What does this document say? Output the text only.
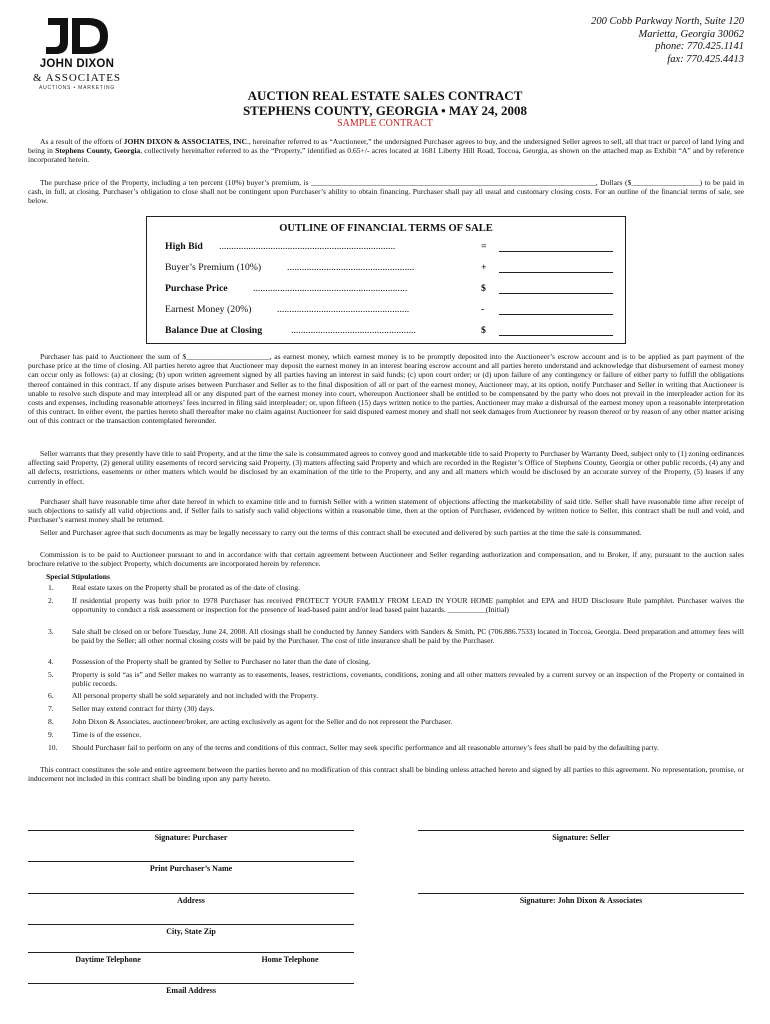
JOHN DIXON
& ASSOCIATES
AUCTIONS • MARKETING
200 Cobb Parkway North, Suite 120
Marietta, Georgia 30062
phone: 770.425.1141
fax: 770.425.4413
AUCTION REAL ESTATE SALES CONTRACT
STEPHENS COUNTY, GEORGIA • MAY 24, 2008
SAMPLE CONTRACT

As a result of the efforts of JOHN DIXON & ASSOCIATES, INC., hereinafter referred to as “Auctioneer,” the undersigned Purchaser agrees to buy, and the undersigned Seller agrees to sell, all that tract or parcel of land lying and being in Stephens County, Georgia, collectively hereinafter referred to as the “Property,” identified as 0.65+/- acres located at 1681 Liberty Hill Road, Toccoa, Georgia, as shown on the attached map as Exhibit “A” and by reference incorporated herein.

The purchase price of the Property, including a ten percent (10%) buyer’s premium, is ___________________________________________________________________________, Dollars ($__________________) to be paid in cash, in full, at closing. Purchaser’s obligation to close shall not be contingent upon Purchaser’s ability to obtain financing. Purchaser shall pay all usual and customary closing costs. For an outline of the financial terms of sale, see below.

OUTLINE OF FINANCIAL TERMS OF SALE
High Bid ........................................................................	=
Buyer’s Premium (10%)	....................................................	+
Purchase Price	...............................................................	$
Earnest Money (20%)	......................................................	-
Balance Due at Closing	...................................................	$

Purchaser has paid to Auctioneer the sum of $______________________, as earnest money, which earnest money is to be promptly deposited into the Auctioneer’s escrow account and is to be applied as part payment of the purchase price at the time of closing. All parties hereto agree that Auctioneer may deposit the earnest money in an interest bearing escrow account and all parties hereto understand and acknowledge that disbursement of earnest money can occur only as follows: (a) at closing; (b) upon written agreement signed by all parties having an interest in said funds; (c) upon court order; or (d) upon failure of any contingency or failure of either party to fulfill the obligations thereof contained in this contract. If any dispute arises between Purchaser and Seller as to the final disposition of all or part of the earnest money, Auctioneer may, at its option, notify Purchaser and Seller in writing that Auctioneer is unable to resolve such dispute and may interplead all or any disputed part of the earnest money into court, whereupon Auctioneer shall be entitled to be compensated by the party who does not prevail in the interpleader action for its costs and expenses, including reasonable attorneys’ fees incurred in filing said interpleader; or, upon fifteen (15) days written notice to the parties, Auctioneer may make a disbursal of the earnest money upon a reasonable interpretation of this contract. In either event, the parties hereto shall thereafter make no claim against Auctioneer for said disputed earnest money and shall not seek damages from Auctioneer by reason thereof or by reason of any other matter arising out of this contract or the transaction contemplated hereunder.

Seller warrants that they presently have title to said Property, and at the time the sale is consummated agrees to convey good and marketable title to said Property to Purchaser by Warranty Deed, subject only to (1) zoning ordinances affecting said Property, (2) general utility easements of record servicing said Property, (3) matters affecting said Property and which are recorded in the Register’s Office of Stephens County, Georgia or other public records, (4) any and all defects, restrictions, easements or other matters which would be disclosed by an examination of the title to the Property, and any and all matters which would be disclosed by an accurate survey of the Property, (5) leases if any currently in effect.

Purchaser shall have reasonable time after date hereof in which to examine title and to furnish Seller with a written statement of objections affecting the marketability of said title. Seller shall have reasonable time after receipt of such objections to satisfy all valid objections and, if Seller fails to satisfy such valid objections within a reasonable time, then at the option of Purchaser, evidenced by written notice to Seller, this contract shall be null and void, and Purchaser’s earnest money shall be returned.

Seller and Purchaser agree that such documents as may be legally necessary to carry out the terms of this contract shall be executed and delivered by such parties at the time the sale is consummated.

Commission is to be paid to Auctioneer pursuant to and in accordance with that certain agreement between Auctioneer and Seller regarding authorization and compensation, and to Broker, if any, pursuant to the auction sales brochure relative to the subject Property, which documents are incorporated herein by reference.

Special Stipulations
1. Real estate taxes on the Property shall be prorated as of the date of closing.
2. If residential property was built prior to 1978 Purchaser has received PROTECT YOUR FAMILY FROM LEAD IN YOUR HOME pamphlet and EPA and HUD Disclosure Rule pamphlet. Purchaser waives the opportunity to conduct a risk assessment or inspection for the presence of lead-based paint and/or lead based paint hazards. __________(Initial)
3. Sale shall be closed on or before Tuesday, June 24, 2008. All closings shall be conducted by Janney Sanders with Sanders & Smith, PC (706.886.7533) located in Toccoa, Georgia. Deed preparation and attorney fees will be paid by the Seller; all other normal closing costs will be paid by the Purchaser. The cost of title insurance shall be paid by the Purchaser.
4. Possession of the Property shall be granted by Seller to Purchaser no later than the date of closing.
5. Property is sold “as is” and Seller makes no warranty as to easements, leases, restrictions, covenants, conditions, zoning and all other matters revealed by a current survey or an inspection of the Property or contained in public records.
6. All personal property shall be sold separately and not included with the Property.
7. Seller may extend contract for thirty (30) days.
8. John Dixon & Associates, auctioneer/broker, are acting exclusively as agent for the Seller and do not represent the Purchaser.
9. Time is of the essence.
10. Should Purchaser fail to perform on any of the terms and conditions of this contract, Seller may seek specific performance and all reasonable attorney’s fees shall be paid by the defaulting party.

This contract constitutes the sole and entire agreement between the parties hereto and no modification of this contract shall be binding unless attached hereto and signed by all parties to this agreement. No representation, promise, or inducement not included in this contract shall be binding upon any party hereto.

Signature: Purchaser	Signature: Seller
Print Purchaser’s Name
Address	Signature: John Dixon & Associates
City, State Zip
Daytime Telephone	Home Telephone
Email Address
